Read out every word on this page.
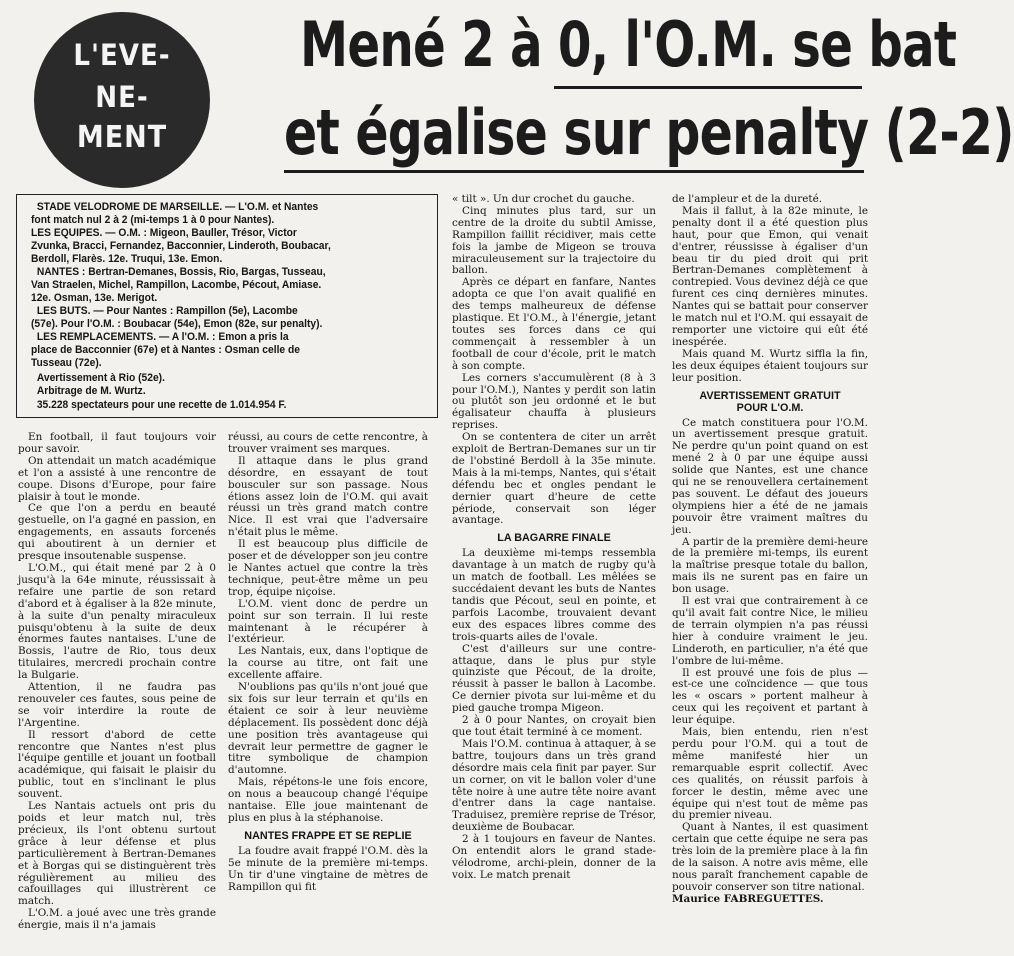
L'EVE-
NE-
MENT
Mené 2 à 0, l'O.M. se bat
et égalise sur penalty (2-2)
STADE VELODROME DE MARSEILLE. — L'O.M. et Nantes
font match nul 2 à 2 (mi-temps 1 à 0 pour Nantes).
LES EQUIPES. — O.M. : Migeon, Bauller, Trésor, Victor
Zvunka, Bracci, Fernandez, Bacconnier, Linderoth, Boubacar,
Berdoll, Flarès. 12e. Truqui, 13e. Emon.
NANTES : Bertran-Demanes, Bossis, Rio, Bargas, Tusseau,
Van Straelen, Michel, Rampillon, Lacombe, Pécout, Amiase.
12e. Osman, 13e. Merigot.
LES BUTS. — Pour Nantes : Rampillon (5e), Lacombe
(57e). Pour l'O.M. : Boubacar (54e), Emon (82e, sur penalty).
LES REMPLACEMENTS. — A l'O.M. : Emon a pris la
place de Bacconnier (67e) et à Nantes : Osman celle de
Tusseau (72e).
Avertissement à Rio (52e).
Arbitrage de M. Wurtz.
35.228 spectateurs pour une recette de 1.014.954 F.

En football, il faut toujours voir pour savoir.

On attendait un match académique et l'on a assisté à une rencontre de coupe. Disons d'Europe, pour faire plaisir à tout le monde.

Ce que l'on a perdu en beauté gestuelle, on l'a gagné en passion, en engagements, en assauts forcenés qui aboutirent à un dernier et presque insoutenable suspense.

L'O.M., qui était mené par 2 à 0 jusqu'à la 64e minute, réussissait à refaire une partie de son retard d'abord et à égaliser à la 82e minute, à la suite d'un penalty miraculeux puisqu'obtenu à la suite de deux énormes fautes nantaises. L'une de Bossis, l'autre de Rio, tous deux titulaires, mercredi prochain contre la Bulgarie.

Attention, il ne faudra pas renouveler ces fautes, sous peine de se voir interdire la route de l'Argentine.

Il ressort d'abord de cette rencontre que Nantes n'est plus l'équipe gentille et jouant un football académique, qui faisait le plaisir du public, tout en s'inclinant le plus souvent.

Les Nantais actuels ont pris du poids et leur match nul, très précieux, ils l'ont obtenu surtout grâce à leur défense et plus particulièrement à Bertran-Demanes et à Borgas qui se distinguèrent très régulièrement au milieu des cafouillages qui illustrèrent ce match.

L'O.M. a joué avec une très grande énergie, mais il n'a jamais

réussi, au cours de cette rencontre, à trouver vraiment ses marques.

Il attaque dans le plus grand désordre, en essayant de tout bousculer sur son passage. Nous étions assez loin de l'O.M. qui avait réussi un très grand match contre Nice. Il est vrai que l'adversaire n'était plus le même.

Il est beaucoup plus difficile de poser et de développer son jeu contre le Nantes actuel que contre la très technique, peut-être même un peu trop, équipe niçoise.

L'O.M. vient donc de perdre un point sur son terrain. Il lui reste maintenant à le récupérer à l'extérieur.

Les Nantais, eux, dans l'optique de la course au titre, ont fait une excellente affaire.

N'oublions pas qu'ils n'ont joué que six fois sur leur terrain et qu'ils en étaient ce soir à leur neuvième déplacement. Ils possèdent donc déjà une position très avantageuse qui devrait leur permettre de gagner le titre symbolique de champion d'automne.

Mais, répétons-le une fois encore, on nous a beaucoup changé l'équipe nantaise. Elle joue maintenant de plus en plus à la stéphanoise.

NANTES FRAPPE ET SE REPLIE

La foudre avait frappé l'O.M. dès la 5e minute de la première mi-temps. Un tir d'une vingtaine de mètres de Rampillon qui fit

« tilt ». Un dur crochet du gauche.

Cinq minutes plus tard, sur un centre de la droite du subtil Amisse, Rampillon faillit récidiver, mais cette fois la jambe de Migeon se trouva miraculeusement sur la trajectoire du ballon.

Après ce départ en fanfare, Nantes adopta ce que l'on avait qualifié en des temps malheureux de défense plastique. Et l'O.M., à l'énergie, jetant toutes ses forces dans ce qui commençait à ressembler à un football de cour d'école, prit le match à son compte.

Les corners s'accumulèrent (8 à 3 pour l'O.M.), Nantes y perdit son latin ou plutôt son jeu ordonné et le but égalisateur chauffa à plusieurs reprises.

On se contentera de citer un arrêt exploit de Bertran-Demanes sur un tir de l'obstiné Berdoll à la 35e minute. Mais à la mi-temps, Nantes, qui s'était défendu bec et ongles pendant le dernier quart d'heure de cette période, conservait son léger avantage.

LA BAGARRE FINALE

La deuxième mi-temps ressembla davantage à un match de rugby qu'à un match de football. Les mêlées se succédaient devant les buts de Nantes tandis que Pécout, seul en pointe, et parfois Lacombe, trouvaient devant eux des espaces libres comme des trois-quarts ailes de l'ovale.

C'est d'ailleurs sur une contre-attaque, dans le plus pur style quinziste que Pécout, de la droite, réussit à passer le ballon à Lacombe. Ce dernier pivota sur lui-même et du pied gauche trompa Migeon.

2 à 0 pour Nantes, on croyait bien que tout était terminé à ce moment.

Mais l'O.M. continua à attaquer, à se battre, toujours dans un très grand désordre mais cela finit par payer. Sur un corner, on vit le ballon voler d'une tête noire à une autre tête noire avant d'entrer dans la cage nantaise. Traduisez, première reprise de Trésor, deuxième de Boubacar.

2 à 1 toujours en faveur de Nantes. On entendit alors le grand stade-vélodrome, archi-plein, donner de la voix. Le match prenait

de l'ampleur et de la dureté.

Mais il fallut, à la 82e minute, le penalty dont il a été question plus haut, pour que Emon, qui venait d'entrer, réussisse à égaliser d'un beau tir du pied droit qui prit Bertran-Demanes complètement à contrepied. Vous devinez déjà ce que furent ces cinq dernières minutes. Nantes qui se battait pour conserver le match nul et l'O.M. qui essayait de remporter une victoire qui eût été inespérée.

Mais quand M. Wurtz siffla la fin, les deux équipes étaient toujours sur leur position.

AVERTISSEMENT GRATUIT
POUR L'O.M.

Ce match constituera pour l'O.M. un avertissement presque gratuit. Ne perdre qu'un point quand on est mené 2 à 0 par une équipe aussi solide que Nantes, est une chance qui ne se renouvellera certainement pas souvent. Le défaut des joueurs olympiens hier a été de ne jamais pouvoir être vraiment maîtres du jeu.

A partir de la première demi-heure de la première mi-temps, ils eurent la maîtrise presque totale du ballon, mais ils ne surent pas en faire un bon usage.

Il est vrai que contrairement à ce qu'il avait fait contre Nice, le milieu de terrain olympien n'a pas réussi hier à conduire vraiment le jeu. Linderoth, en particulier, n'a été que l'ombre de lui-même.

Il est prouvé une fois de plus — est-ce une coïncidence — que tous les « oscars » portent malheur à ceux qui les reçoivent et partant à leur équipe.

Mais, bien entendu, rien n'est perdu pour l'O.M. qui a tout de même manifesté hier un remarquable esprit collectif. Avec ces qualités, on réussit parfois à forcer le destin, même avec une équipe qui n'est tout de même pas du premier niveau.

Quant à Nantes, il est quasiment certain que cette équipe ne sera pas très loin de la première place à la fin de la saison. A notre avis même, elle nous paraît franchement capable de pouvoir conserver son titre national.

Maurice FABREGUETTES.
